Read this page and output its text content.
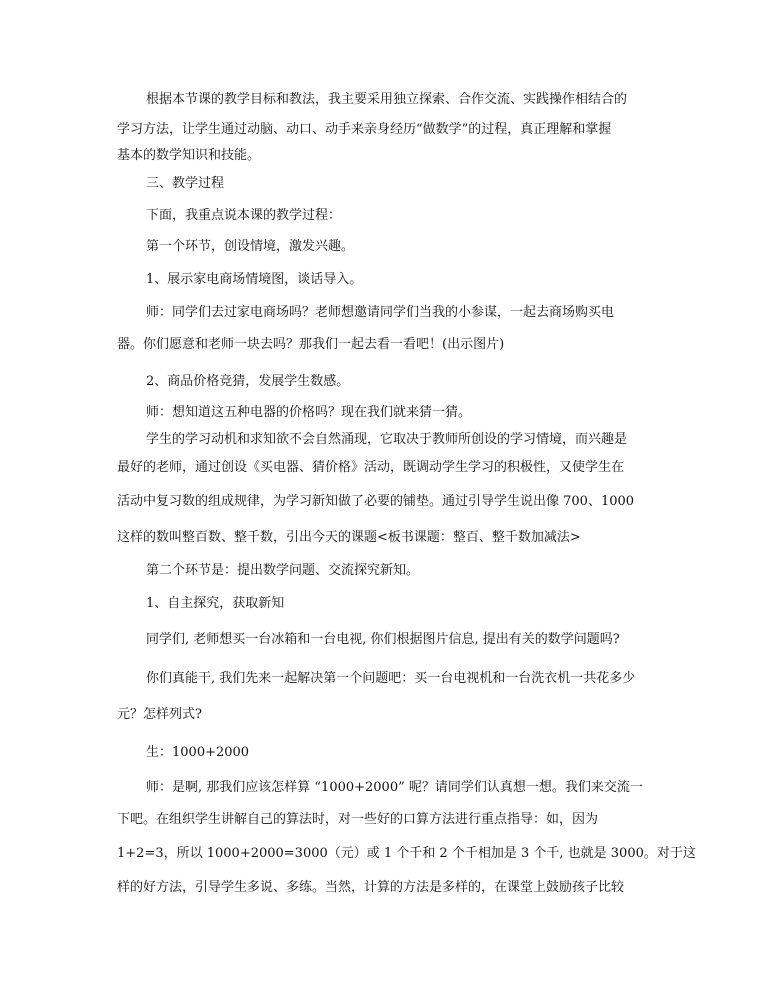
根据本节课的教学目标和教法，我主要采用独立探索、合作交流、实践操作相结合的
学习方法，让学生通过动脑、动口、动手来亲身经历“做数学”的过程，真正理解和掌握
基本的数学知识和技能。
三、教学过程
下面，我重点说本课的教学过程：
第一个环节，创设情境，激发兴趣。
1、展示家电商场情境图，谈话导入。
师：同学们去过家电商场吗？老师想邀请同学们当我的小参谋，一起去商场购买电
器。你们愿意和老师一块去吗？那我们一起去看一看吧！(出示图片)
2、商品价格竞猜，发展学生数感。
师：想知道这五种电器的价格吗？现在我们就来猜一猜。
学生的学习动机和求知欲不会自然涌现，它取决于教师所创设的学习情境，而兴趣是
最好的老师，通过创设《买电器、猜价格》活动，既调动学生学习的积极性，又使学生在
活动中复习数的组成规律，为学习新知做了必要的铺垫。通过引导学生说出像 700、1000
这样的数叫整百数、整千数，引出今天的课题<板书课题：整百、整千数加减法>
第二个环节是：提出数学问题、交流探究新知。
1、自主探究，获取新知
同学们, 老师想买一台冰箱和一台电视, 你们根据图片信息, 提出有关的数学问题吗?
你们真能干, 我们先来一起解决第一个问题吧：买一台电视机和一台洗衣机一共花多少
元？怎样列式?
生：1000+2000
师：是啊, 那我们应该怎样算 “1000+2000” 呢？请同学们认真想一想。我们来交流一
下吧。在组织学生讲解自己的算法时，对一些好的口算方法进行重点指导：如，因为
1+2=3，所以 1000+2000=3000（元）或 1 个千和 2 个千相加是 3 个千, 也就是 3000。对于这
样的好方法，引导学生多说、多练。当然，计算的方法是多样的，在课堂上鼓励孩子比较
